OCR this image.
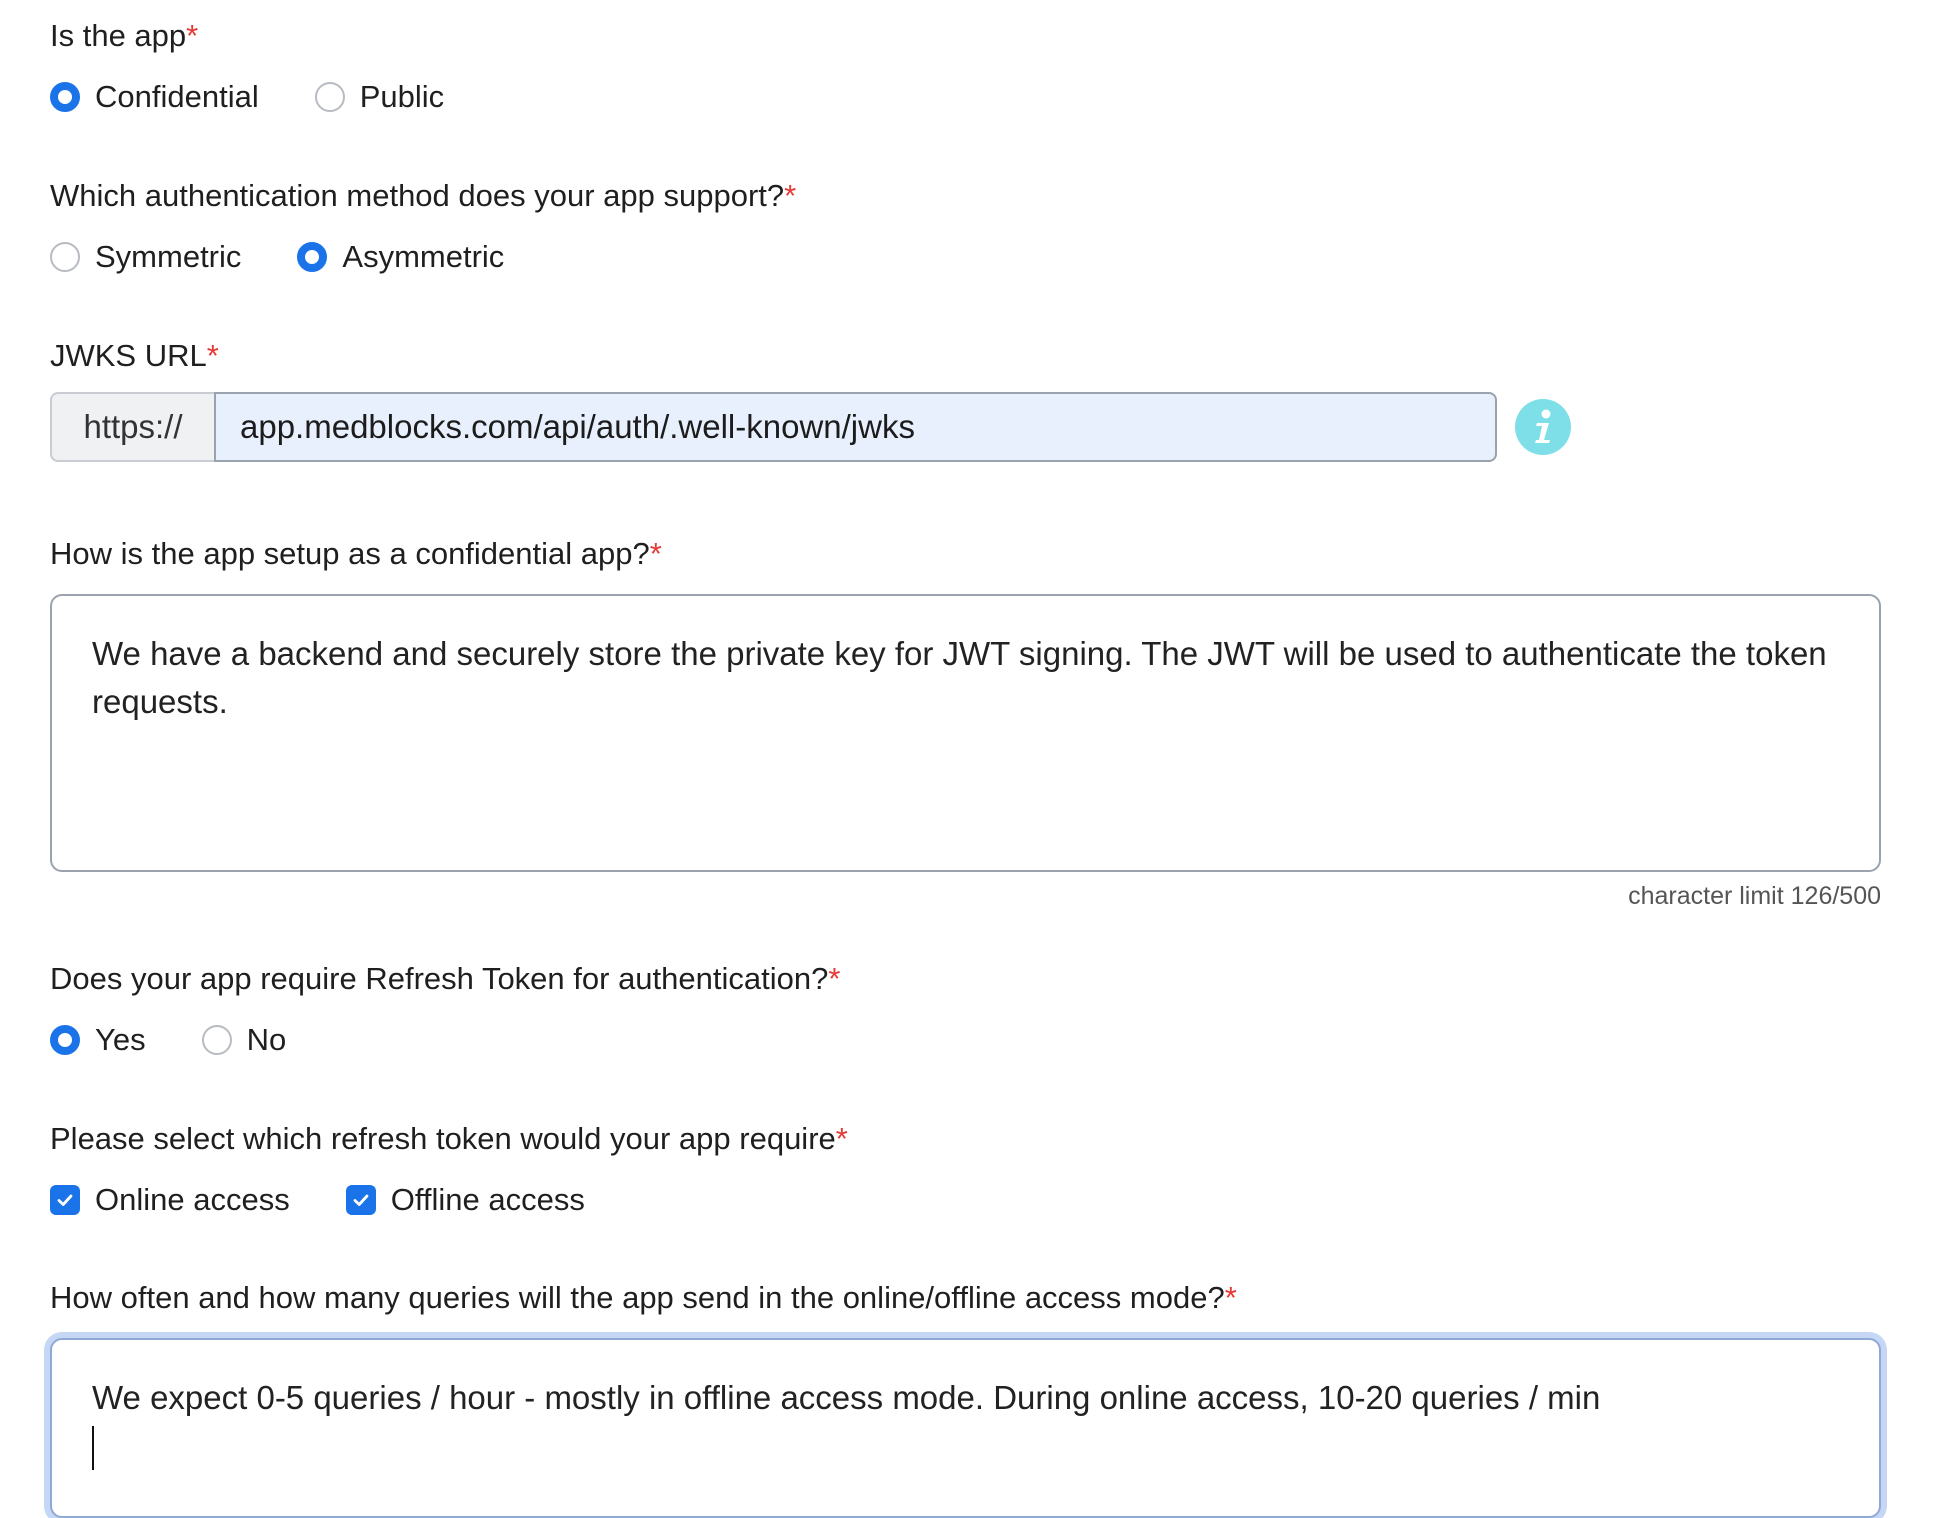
Is the app*
Confidential	Public
Which authentication method does your app support?*
Symmetric	Asymmetric
JWKS URL*
https://
app.medblocks.com/api/auth/.well-known/jwks
How is the app setup as a confidential app?*
We have a backend and securely store the private key for JWT signing. The JWT will be used to authenticate the token requests.
character limit 126/500
Does your app require Refresh Token for authentication?*
Yes	No
Please select which refresh token would your app require*
Online access	Offline access
How often and how many queries will the app send in the online/offline access mode?*
We expect 0-5 queries / hour - mostly in offline access mode. During online access, 10-20 queries / min
